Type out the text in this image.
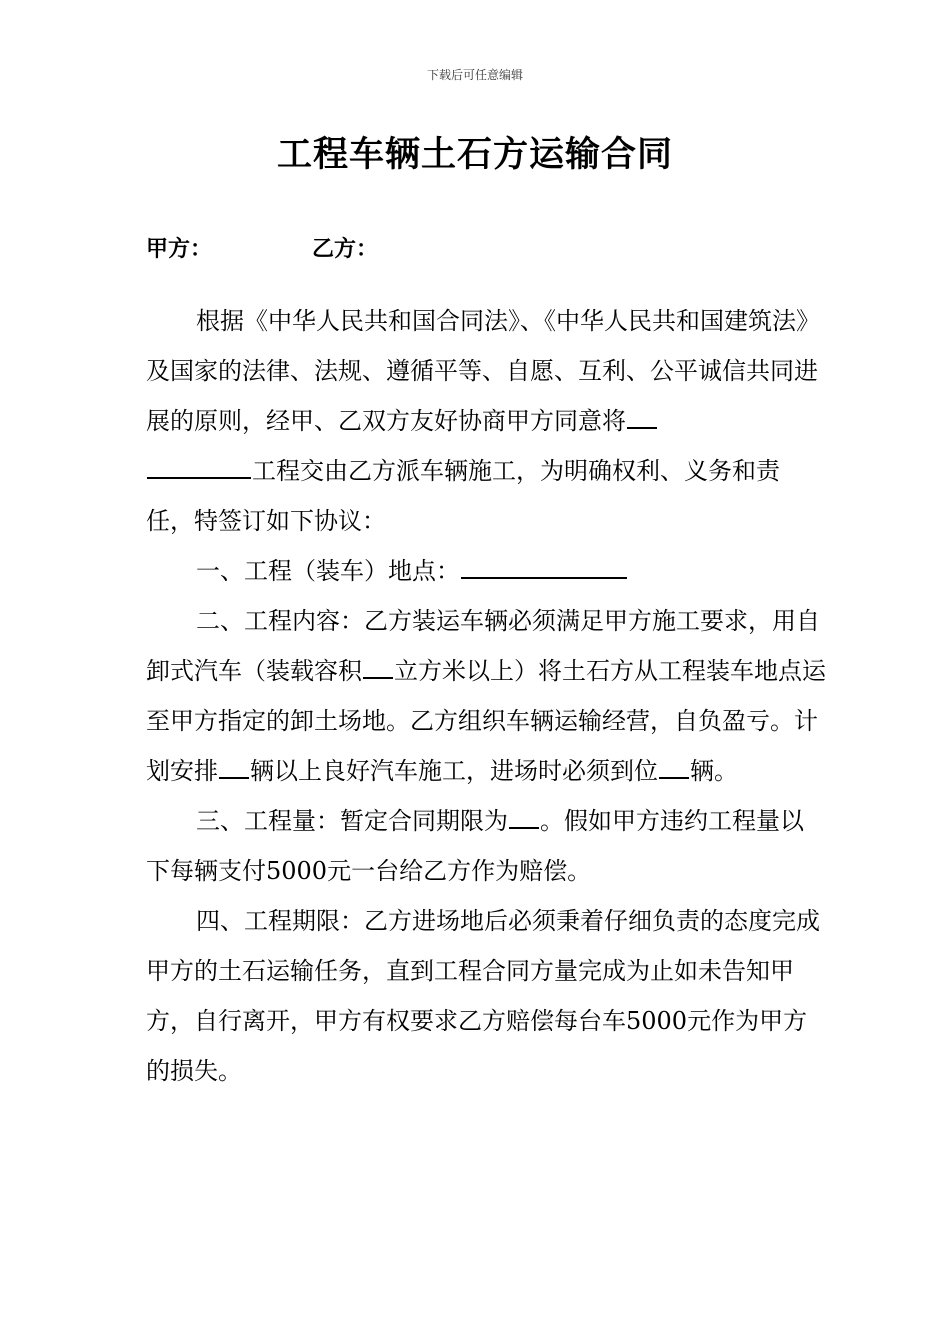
下载后可任意编辑
工程车辆土石方运输合同
甲方：	乙方：

根据《中华人民共和国合同法》、《中华人民共和国建筑法》及国家的法律、法规、遵循平等、自愿、互利、公平诚信共同进展的原则，经甲、乙双方友好协商甲方同意将

工程交由乙方派车辆施工，为明确权利、义务和责任，特签订如下协议：

一、工程（装车）地点：

二、工程内容：乙方装运车辆必须满足甲方施工要求，用自卸式汽车（装载容积 立方米以上）将土石方从工程装车地点运至甲方指定的卸土场地。乙方组织车辆运输经营，自负盈亏。计划安排 辆以上良好汽车施工，进场时必须到位 辆。

三、工程量：暂定合同期限为 。假如甲方违约工程量以下每辆支付5000元一台给乙方作为赔偿。

四、工程期限：乙方进场地后必须秉着仔细负责的态度完成甲方的土石运输任务，直到工程合同方量完成为止如未告知甲方，自行离开，甲方有权要求乙方赔偿每台车5000元作为甲方的损失。
